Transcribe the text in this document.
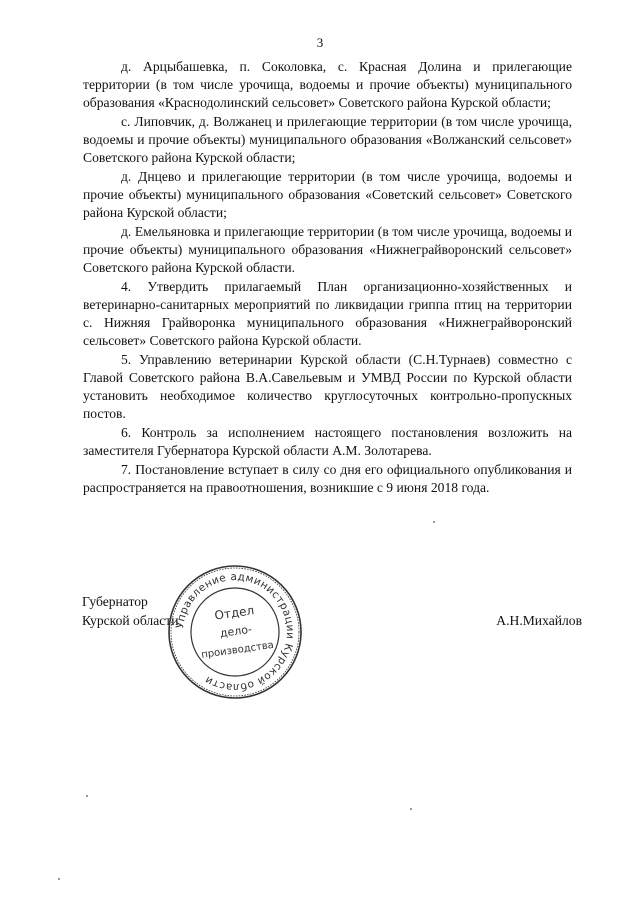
3

д. Арцыбашевка, п. Соколовка, с. Красная Долина и прилегающие территории (в том числе урочища, водоемы и прочие объекты) муниципального образования «Краснодолинский сельсовет» Советского района Курской области;

с. Липовчик, д. Волжанец и прилегающие территории (в том числе урочища, водоемы и прочие объекты) муниципального образования «Волжанский сельсовет» Советского района Курской области;

д. Днцево и прилегающие территории (в том числе урочища, водоемы и прочие объекты) муниципального образования «Советский сельсовет» Советского района Курской области;

д. Емельяновка и прилегающие территории (в том числе урочища, водоемы и прочие объекты) муниципального образования «Нижнеграйворонский сельсовет» Советского района Курской области.

4. Утвердить прилагаемый План организационно-хозяйственных и ветеринарно-санитарных мероприятий по ликвидации гриппа птиц на территории с. Нижняя Грайворонка муниципального образования «Нижнеграйворонский сельсовет» Советского района Курской области.

5. Управлению ветеринарии Курской области (С.Н.Турнаев) совместно с Главой Советского района В.А.Савельевым и УМВД России по Курской области установить необходимое количество круглосуточных контрольно-пропускных постов.

6. Контроль за исполнением настоящего постановления возложить на заместителя Губернатора Курской области А.М. Золотарева.

7. Постановление вступает в силу со дня его официального опубликования и распространяется на правоотношения, возникшие с 9 июня 2018 года.

Губернатор
Курской области	А.Н.Михайлов
Управление администрации Курской области
Отдел
дело-
производства
